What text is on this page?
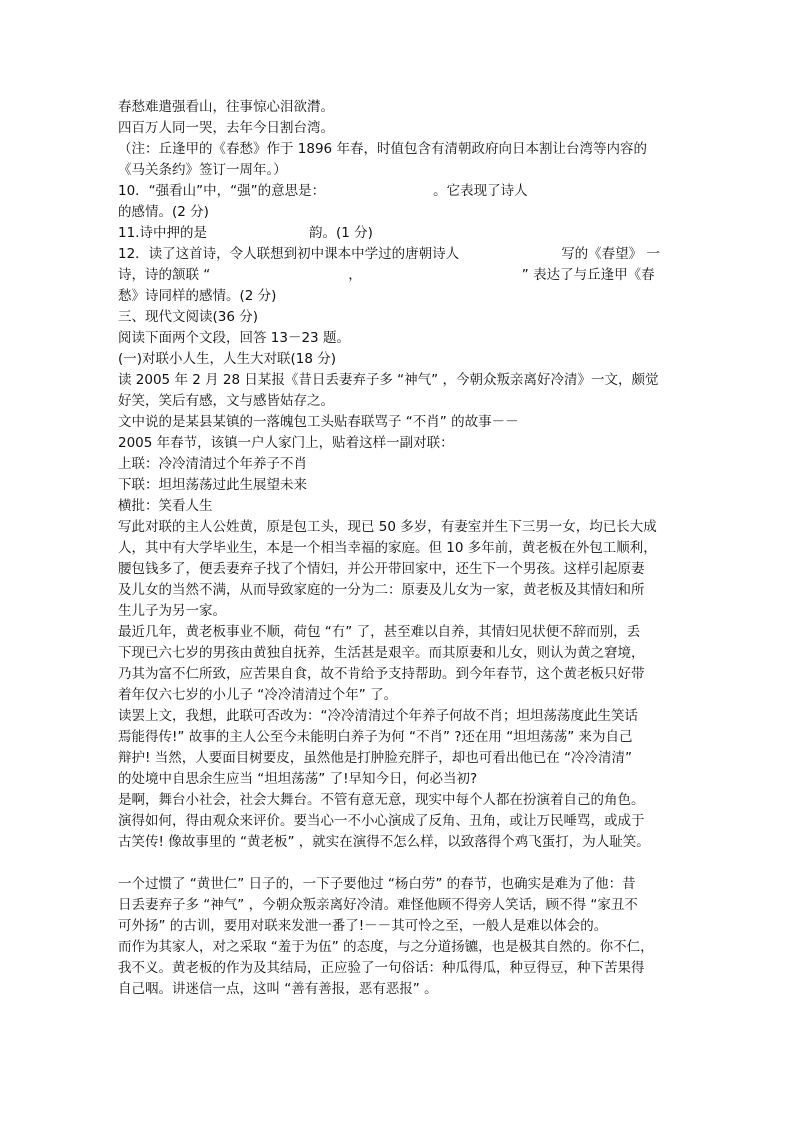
春愁难遣强看山，往事惊心泪欲潸。
四百万人同一哭，去年今日割台湾。
（注：丘逢甲的《春愁》作于 1896 年春，时值包含有清朝政府向日本割让台湾等内容的
《马关条约》签订一周年。）
10．“强看山”中，“强”的意思是：	。它表现了诗人
的感情。(2 分)
11.诗中押的是	韵。(1 分)
12．读了这首诗，令人联想到初中课本中学过的唐朝诗人	写的《春望》 一
诗，诗的颔联 “	，	” 表达了与丘逢甲《春
愁》诗同样的感情。(2 分)
三、现代文阅读(36 分)
阅读下面两个文段，回答 13－23 题。
(一)对联小人生，人生大对联(18 分)
读 2005 年 2 月 28 日某报《昔日丢妻弃子多 “神气” ，今朝众叛亲离好冷清》一文，颇觉
好笑，笑后有感，文与感皆姑存之。
文中说的是某县某镇的一落魄包工头贴春联骂子 “不肖” 的故事－－
2005 年春节，该镇一户人家门上，贴着这样一副对联：
上联：冷冷清清过个年养子不肖
下联：坦坦荡荡过此生展望未来
横批：笑看人生
写此对联的主人公姓黄，原是包工头，现已 50 多岁，有妻室并生下三男一女，均已长大成
人，其中有大学毕业生，本是一个相当幸福的家庭。但 10 多年前，黄老板在外包工顺利，
腰包钱多了，便丢妻弃子找了个情妇，并公开带回家中，还生下一个男孩。这样引起原妻
及儿女的当然不满，从而导致家庭的一分为二：原妻及儿女为一家，黄老板及其情妇和所
生儿子为另一家。
最近几年，黄老板事业不顺，荷包 “冇” 了，甚至难以自养，其情妇见状便不辞而别，丢
下现已六七岁的男孩由黄独自抚养，生活甚是艰辛。而其原妻和儿女，则认为黄之窘境，
乃其为富不仁所致，应苦果自食，故不肯给予支持帮助。到今年春节，这个黄老板只好带
着年仅六七岁的小儿子 “冷冷清清过个年” 了。
读罢上文，我想，此联可否改为：“冷冷清清过个年养子何故不肖；坦坦荡荡度此生笑话
焉能得传!” 故事的主人公至今未能明白养子为何 “不肖” ?还在用 “坦坦荡荡” 来为自己
辩护! 当然，人要面目树要皮，虽然他是打肿脸充胖子，却也可看出他已在 “冷冷清清”
的处境中自思余生应当 “坦坦荡荡” 了!早知今日，何必当初?
是啊，舞台小社会，社会大舞台。不管有意无意，现实中每个人都在扮演着自己的角色。
演得如何，得由观众来评价。要当心一不小心演成了反角、丑角，或让万民唾骂，或成于
古笑传! 像故事里的 “黄老板” ，就实在演得不怎么样，以致落得个鸡飞蛋打，为人耻笑。
一个过惯了 “黄世仁” 日子的，一下子要他过 “杨白劳” 的春节，也确实是难为了他：昔
日丢妻弃子多 “神气” ，今朝众叛亲离好冷清。难怪他顾不得旁人笑话，顾不得 “家丑不
可外扬” 的古训，要用对联来发泄一番了!－－其可怜之至，一般人是难以体会的。
而作为其家人，对之采取 “羞于为伍” 的态度，与之分道扬镳，也是极其自然的。你不仁，
我不义。黄老板的作为及其结局，正应验了一句俗话：种瓜得瓜，种豆得豆，种下苦果得
自己咽。讲迷信一点，这叫 “善有善报，恶有恶报” 。
